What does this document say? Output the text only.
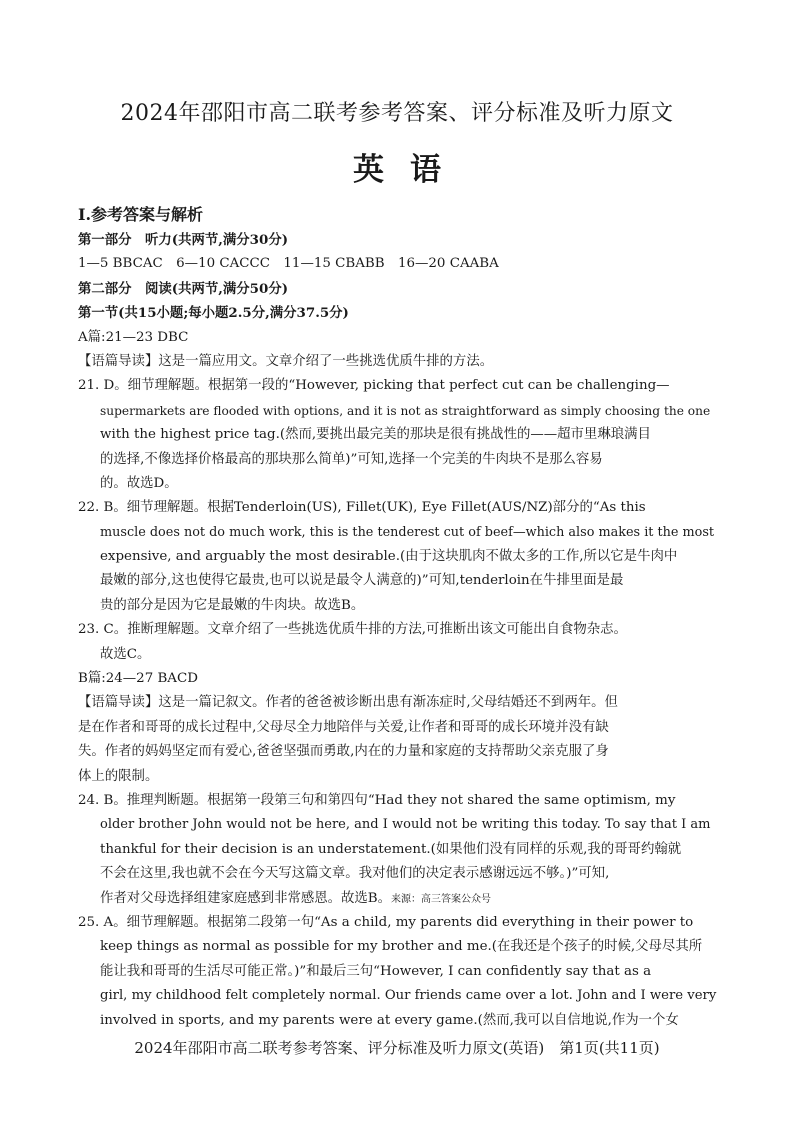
2024年邵阳市高二联考参考答案、评分标准及听力原文
英语
Ⅰ.参考答案与解析
第一部分　听力(共两节,满分30分)
1—5 BBCAC　6—10 CACCC　11—15 CBABB　16—20 CAABA
第二部分　阅读(共两节,满分50分)
第一节(共15小题;每小题2.5分,满分37.5分)
A篇:21—23 DBC
【语篇导读】这是一篇应用文。文章介绍了一些挑选优质牛排的方法。
21. D。细节理解题。根据第一段的“However, picking that perfect cut can be challenging—
supermarkets are flooded with options, and it is not as straightforward as simply choosing the one
with the highest price tag.(然而,要挑出最完美的那块是很有挑战性的——超市里琳琅满目
的选择,不像选择价格最高的那块那么简单)”可知,选择一个完美的牛肉块不是那么容易
的。故选D。
22. B。细节理解题。根据Tenderloin(US), Fillet(UK), Eye Fillet(AUS/NZ)部分的“As this
muscle does not do much work, this is the tenderest cut of beef—which also makes it the most
expensive, and arguably the most desirable.(由于这块肌肉不做太多的工作,所以它是牛肉中
最嫩的部分,这也使得它最贵,也可以说是最令人满意的)”可知,tenderloin在牛排里面是最
贵的部分是因为它是最嫩的牛肉块。故选B。
23. C。推断理解题。文章介绍了一些挑选优质牛排的方法,可推断出该文可能出自食物杂志。
故选C。
B篇:24—27 BACD
【语篇导读】这是一篇记叙文。作者的爸爸被诊断出患有渐冻症时,父母结婚还不到两年。但
是在作者和哥哥的成长过程中,父母尽全力地陪伴与关爱,让作者和哥哥的成长环境并没有缺
失。作者的妈妈坚定而有爱心,爸爸坚强而勇敢,内在的力量和家庭的支持帮助父亲克服了身
体上的限制。
24. B。推理判断题。根据第一段第三句和第四句“Had they not shared the same optimism, my
older brother John would not be here, and I would not be writing this today. To say that I am
thankful for their decision is an understatement.(如果他们没有同样的乐观,我的哥哥约翰就
不会在这里,我也就不会在今天写这篇文章。我对他们的决定表示感谢远远不够。)”可知,
作者对父母选择组建家庭感到非常感恩。故选B。来源：高三答案公众号
25. A。细节理解题。根据第二段第一句“As a child, my parents did everything in their power to
keep things as normal as possible for my brother and me.(在我还是个孩子的时候,父母尽其所
能让我和哥哥的生活尽可能正常。)”和最后三句“However, I can confidently say that as a
girl, my childhood felt completely normal. Our friends came over a lot. John and I were very
involved in sports, and my parents were at every game.(然而,我可以自信地说,作为一个女
2024年邵阳市高二联考参考答案、评分标准及听力原文(英语)　第1页(共11页)
